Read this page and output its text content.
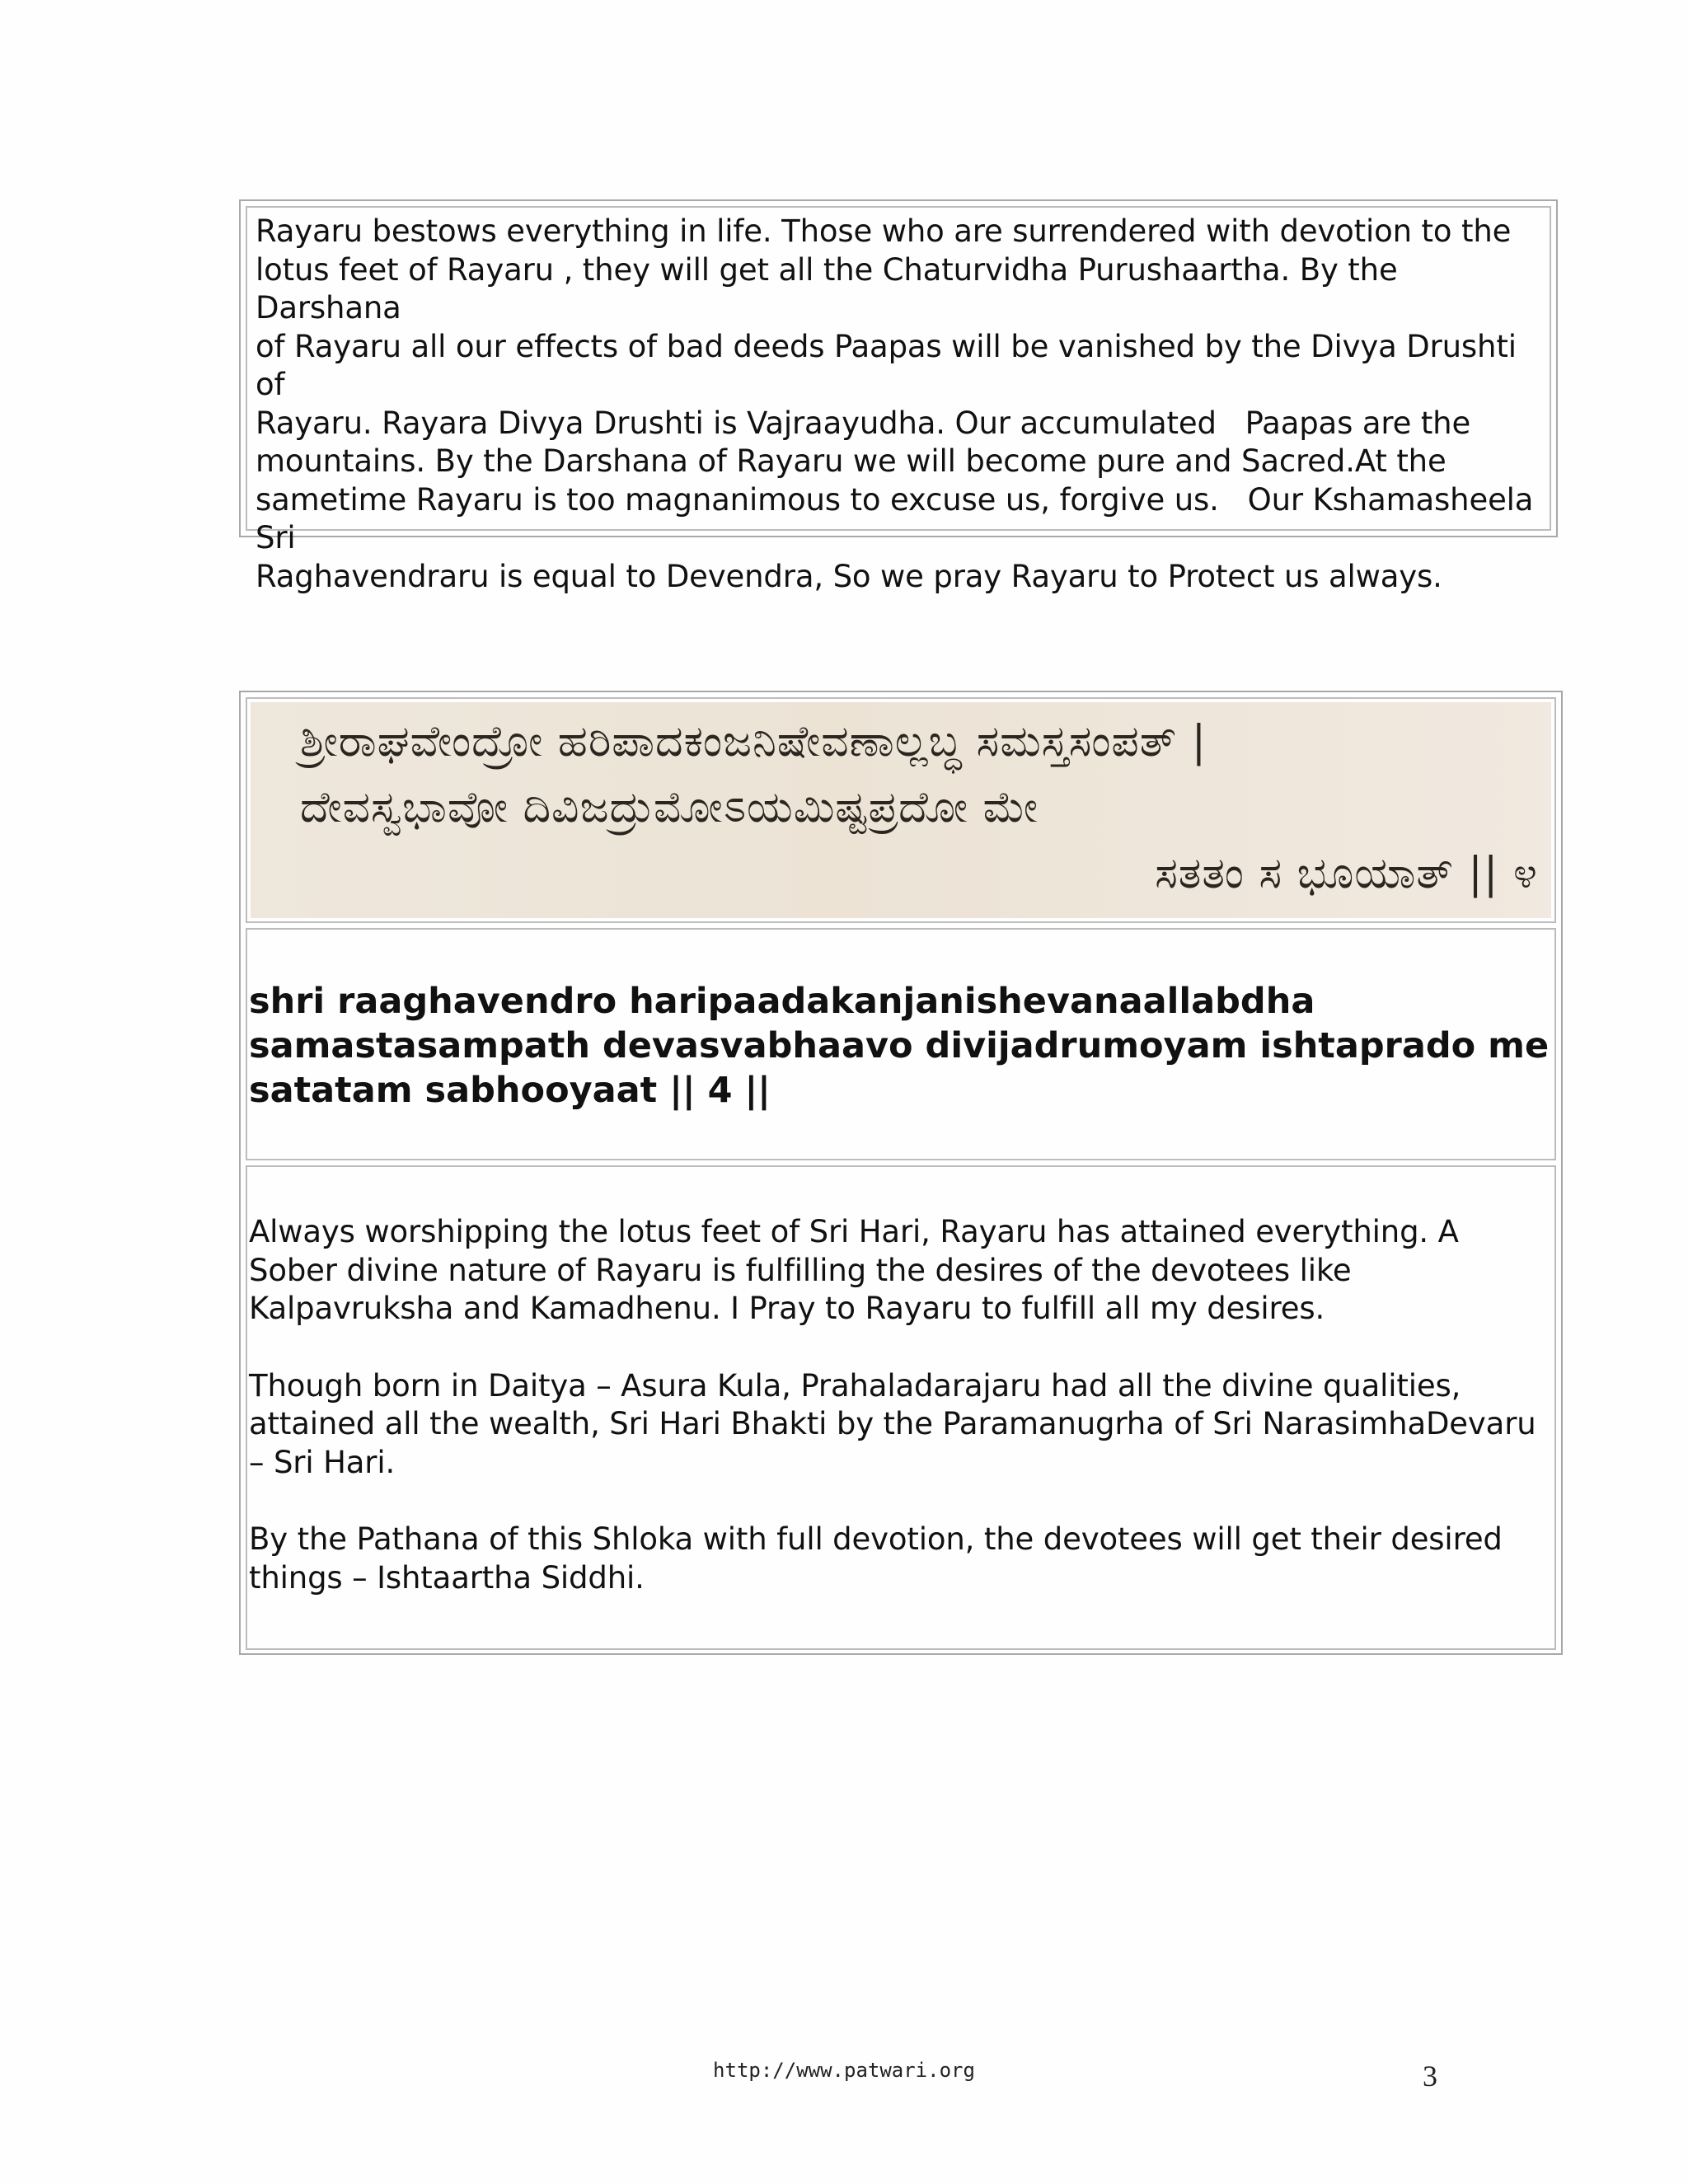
Rayaru bestows everything in life. Those who are surrendered with devotion to the
lotus feet of Rayaru , they will get all the Chaturvidha Purushaartha. By the Darshana
of Rayaru all our effects of bad deeds Paapas will be vanished by the Divya Drushti of
Rayaru. Rayara Divya Drushti is Vajraayudha. Our accumulated   Paapas are the
mountains. By the Darshana of Rayaru we will become pure and Sacred.At the
sametime Rayaru is too magnanimous to excuse us, forgive us.   Our Kshamasheela Sri
Raghavendraru is equal to Devendra, So we pray Rayaru to Protect us always.

ಶ್ರೀರಾಘವೇಂದ್ರೋ ಹರಿಪಾದಕಂಜನಿಷೇವಣಾಲ್ಲಬ್ಧ ಸಮಸ್ತಸಂಪತ್ |
ದೇವಸ್ವಭಾವೋ ದಿವಿಜದ್ರುಮೋಽಯಮಿಷ್ಟಪ್ರದೋ ಮೇ
ಸತತಂ ಸ ಭೂಯಾತ್ || ೪

shri raaghavendro haripaadakanjanishevanaallabdha samastasampath devasvabhaavo divijadrumoyam ishtaprado me satatam sabhooyaat || 4 ||

Always worshipping the lotus feet of Sri Hari, Rayaru has attained everything. A Sober divine nature of Rayaru is fulfilling the desires of the devotees like Kalpavruksha and Kamadhenu. I Pray to Rayaru to fulfill all my desires.

Though born in Daitya – Asura Kula, Prahaladarajaru had all the divine qualities, attained all the wealth, Sri Hari Bhakti by the Paramanugrha of Sri NarasimhaDevaru – Sri Hari.

By the Pathana of this Shloka with full devotion, the devotees will get their desired things – Ishtaartha Siddhi.

http://www.patwari.org	3
